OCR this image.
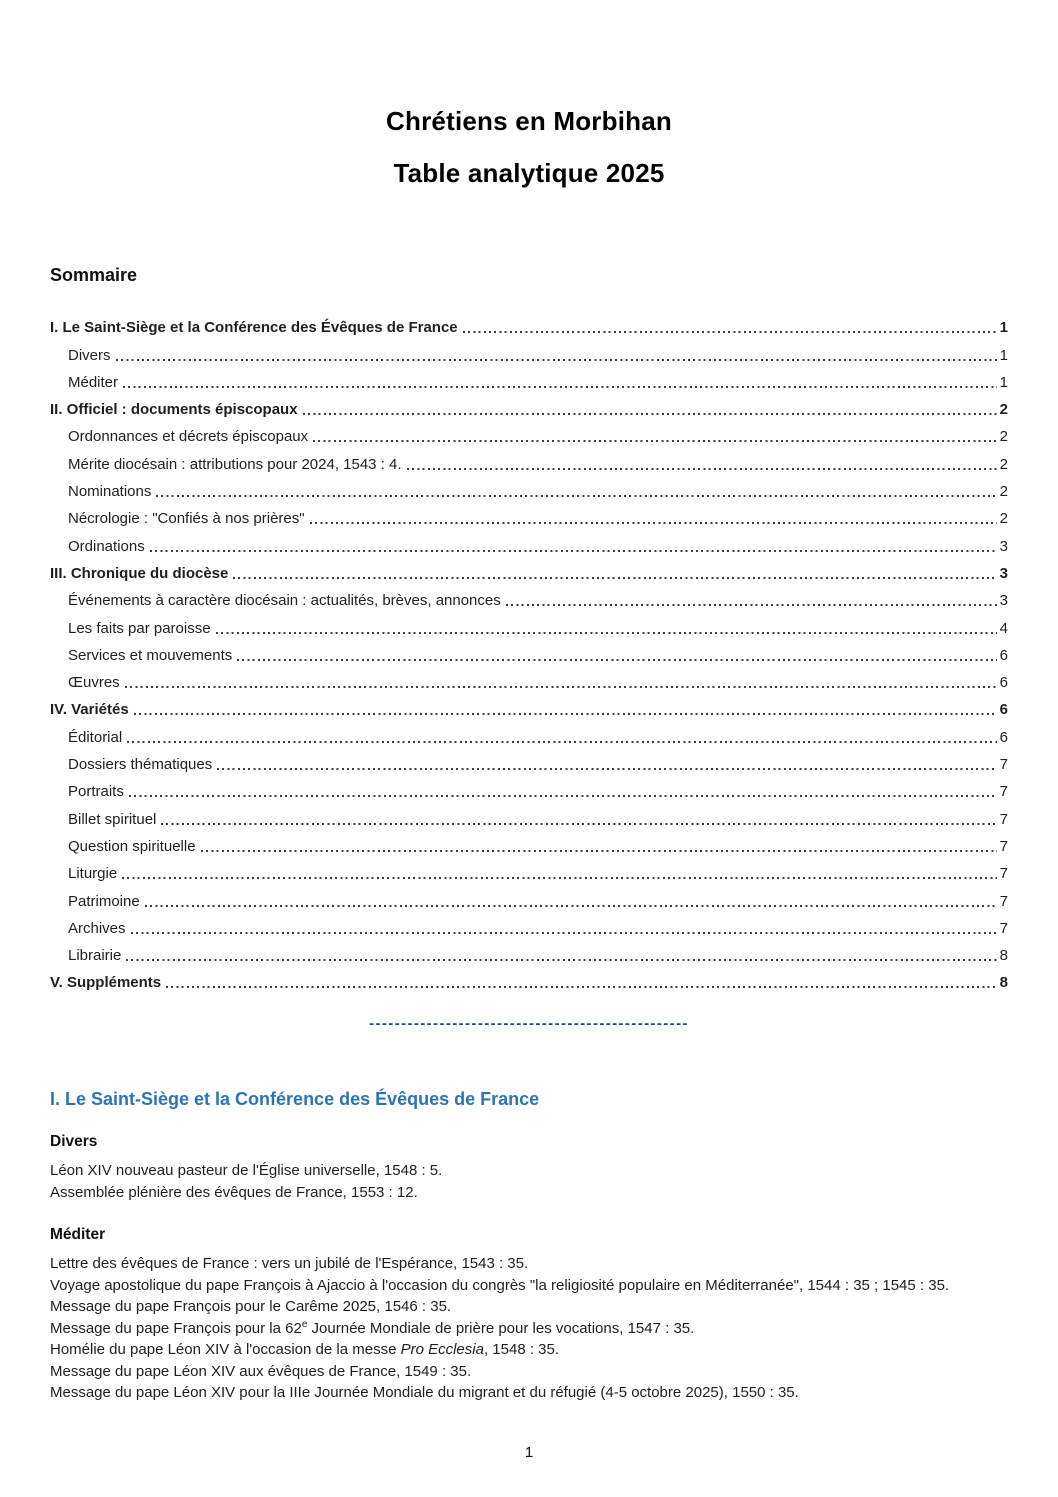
Chrétiens en Morbihan
Table analytique 2025
Sommaire
I. Le Saint-Siège et la Conférence des Évêques de France	1
Divers	1
Méditer	1
II. Officiel : documents épiscopaux	2
Ordonnances et décrets épiscopaux	2
Mérite diocésain : attributions pour 2024, 1543 : 4.	2
Nominations	2
Nécrologie : "Confiés à nos prières"	2
Ordinations	3
III. Chronique du diocèse	3
Événements à caractère diocésain : actualités, brèves, annonces	3
Les faits par paroisse	4
Services et mouvements	6
Œuvres	6
IV. Variétés	6
Éditorial	6
Dossiers thématiques	7
Portraits	7
Billet spirituel	7
Question spirituelle	7
Liturgie	7
Patrimoine	7
Archives	7
Librairie	8
V. Suppléments	8
--------------------------------------------------
I. Le Saint-Siège et la Conférence des Évêques de France
Divers
Léon XIV nouveau pasteur de l'Église universelle, 1548 : 5.
Assemblée plénière des évêques de France, 1553 : 12.
Méditer
Lettre des évêques de France : vers un jubilé de l'Espérance, 1543 : 35.
Voyage apostolique du pape François à Ajaccio à l'occasion du congrès "la religiosité populaire en Méditerranée", 1544 : 35 ; 1545 : 35.
Message du pape François pour le Carême 2025, 1546 : 35.
Message du pape François pour la 62e Journée Mondiale de prière pour les vocations, 1547 : 35.
Homélie du pape Léon XIV à l'occasion de la messe Pro Ecclesia, 1548 : 35.
Message du pape Léon XIV aux évêques de France, 1549 : 35.
Message du pape Léon XIV pour la IIIe Journée Mondiale du migrant et du réfugié (4-5 octobre 2025), 1550 : 35.
1
